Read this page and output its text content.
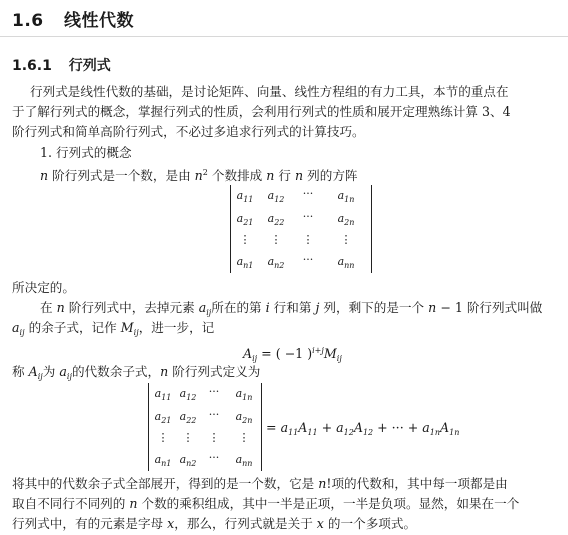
1.6 线性代数
1.6.1 行列式
行列式是线性代数的基础，是讨论矩阵、向量、线性方程组的有力工具，本节的重点在
于了解行列式的概念，掌握行列式的性质，会利用行列式的性质和展开定理熟练计算 3、4
阶行列式和简单高阶行列式，不必过多追求行列式的计算技巧。
1. 行列式的概念
n 阶行列式是一个数，是由 $n^2$ 个数排成 n 行 n 列的方阵
$a_{11}$	$a_{12}$	···	$a_{1n}$
$a_{21}$	$a_{22}$	···	$a_{2n}$
⋮	⋮	⋮	⋮
$a_{n1}$	$a_{n2}$	···	$a_{nn}$
所决定的。
在 n 阶行列式中，去掉元素 $a_{ij}$所在的第 i 行和第 j 列，剩下的是一个 n − 1 阶行列式叫做
$a_{ij}$ 的余子式，记作 $M_{ij}$，进一步，记
$A_{ij}$ = ( −1 )$^{i+j}M_{ij}$
称 $A_{ij}$为 $a_{ij}$的代数余子式，n 阶行列式定义为
$a_{11}$ $a_{12}$	···	$a_{1n}$
$a_{21}$ $a_{22}$	···	$a_{2n}$
⋮	⋮	⋮	⋮
$a_{n1}$ $a_{n2}$	···	$a_{nn}$
= $a_{11}A_{11} + a_{12}A_{12}$ + ··· + $a_{1n}A_{1n}$
将其中的代数余子式全部展开，得到的是一个数，它是 n!项的代数和，其中每一项都是由
取自不同行不同列的 n 个数的乘积组成，其中一半是正项，一半是负项。显然，如果在一个
行列式中，有的元素是字母 x，那么，行列式就是关于 x 的一个多项式。
